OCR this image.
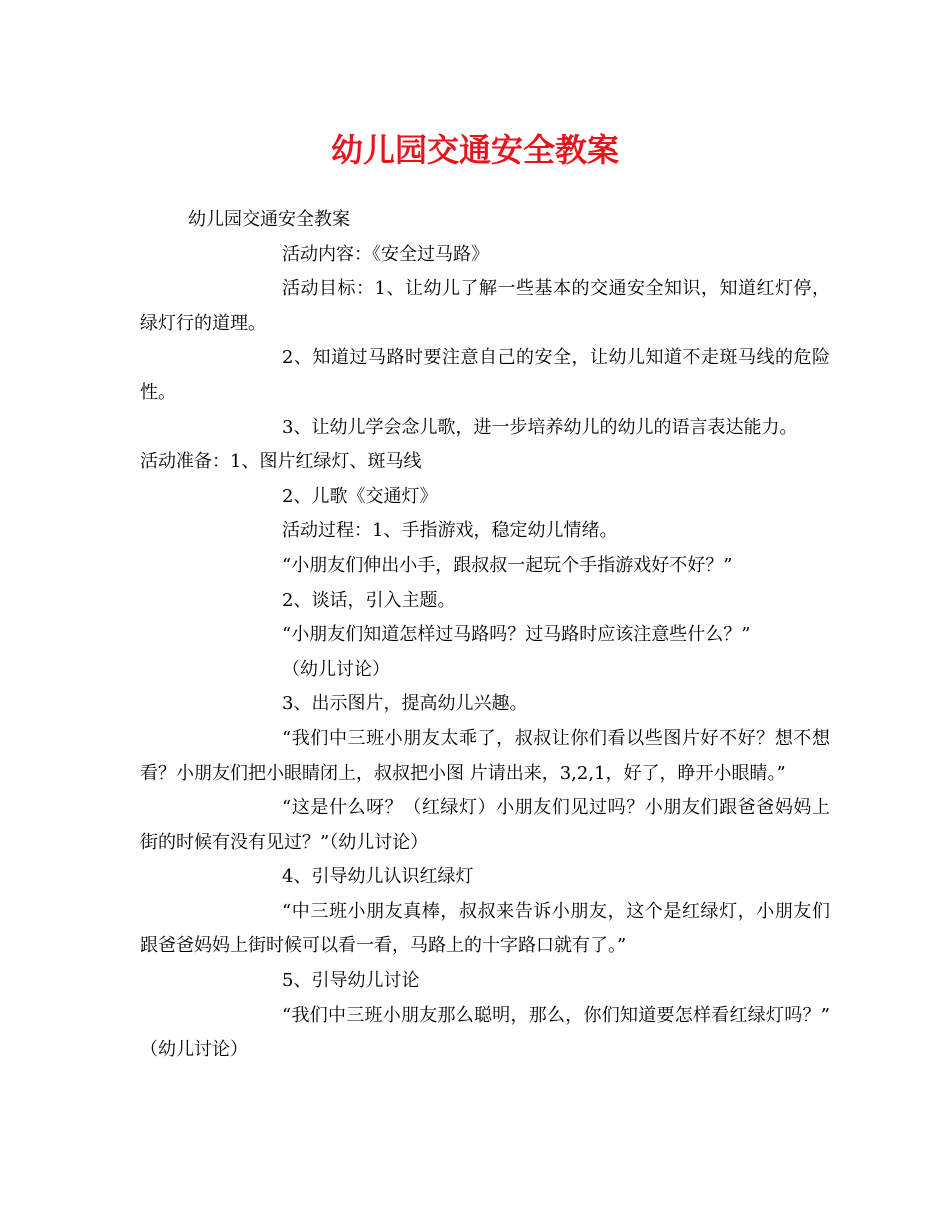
幼儿园交通安全教案

幼儿园交通安全教案

活动内容：《安全过马路》

活动目标：1、让幼儿了解一些基本的交通安全知识，知道红灯停，绿灯行的道理。

2、知道过马路时要注意自己的安全，让幼儿知道不走斑马线的危险性。

3、让幼儿学会念儿歌，进一步培养幼儿的幼儿的语言表达能力。

活动准备：1、图片红绿灯、斑马线

2、儿歌《交通灯》

活动过程：1、手指游戏，稳定幼儿情绪。

“小朋友们伸出小手，跟叔叔一起玩个手指游戏好不好？”

2、谈话，引入主题。

“小朋友们知道怎样过马路吗？过马路时应该注意些什么？”

（幼儿讨论）

3、出示图片，提高幼儿兴趣。

“我们中三班小朋友太乖了，叔叔让你们看以些图片好不好？想不想看？小朋友们把小眼睛闭上，叔叔把小图 片请出来，3,2,1，好了，睁开小眼睛。”

“这是什么呀？（红绿灯）小朋友们见过吗？小朋友们跟爸爸妈妈上街的时候有没有见过？”（幼儿讨论）

4、引导幼儿认识红绿灯

“中三班小朋友真棒，叔叔来告诉小朋友，这个是红绿灯，小朋友们跟爸爸妈妈上街时候可以看一看，马路上的十字路口就有了。”

5、引导幼儿讨论

“我们中三班小朋友那么聪明，那么，你们知道要怎样看红绿灯吗？” （幼儿讨论）
